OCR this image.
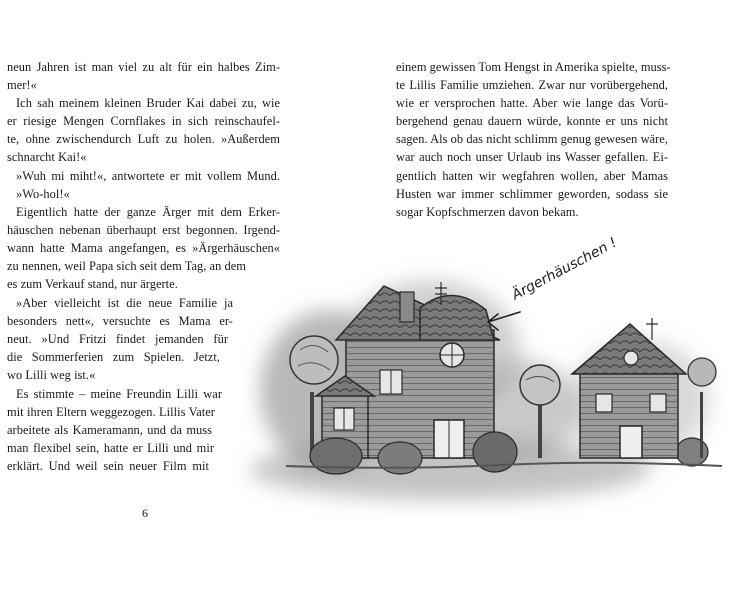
neun Jahren ist man viel zu alt für ein halbes Zim-
mer!«
Ich sah meinem kleinen Bruder Kai dabei zu, wie
er riesige Mengen Cornflakes in sich reinschaufel-
te, ohne zwischendurch Luft zu holen. »Außerdem
schnarcht Kai!«
»Wuh mi miht!«, antwortete er mit vollem Mund.
»Wo-hol!«
Eigentlich hatte der ganze Ärger mit dem Erker-
häuschen nebenan überhaupt erst begonnen. Irgend-
wann hatte Mama angefangen, es »Ärgerhäuschen«
zu nennen, weil Papa sich seit dem Tag, an dem
es zum Verkauf stand, nur ärgerte.
»Aber vielleicht ist die neue Familie ja
besonders nett«, versuchte es Mama er-
neut. »Und Fritzi findet jemanden für
die Sommerferien zum Spielen. Jetzt,
wo Lilli weg ist.«
Es stimmte – meine Freundin Lilli war
mit ihren Eltern weggezogen. Lillis Vater
arbeitete als Kameramann, und da muss
man flexibel sein, hatte er Lilli und mir
erklärt. Und weil sein neuer Film mit
6
einem gewissen Tom Hengst in Amerika spielte, muss-
te Lillis Familie umziehen. Zwar nur vorübergehend,
wie er versprochen hatte. Aber wie lange das Vorü-
bergehend genau dauern würde, konnte er uns nicht
sagen. Als ob das nicht schlimm genug gewesen wäre,
war auch noch unser Urlaub ins Wasser gefallen. Ei-
gentlich hatten wir wegfahren wollen, aber Mamas
Husten war immer schlimmer geworden, sodass sie
sogar Kopfschmerzen davon bekam.
Ärgerhäuschen !
